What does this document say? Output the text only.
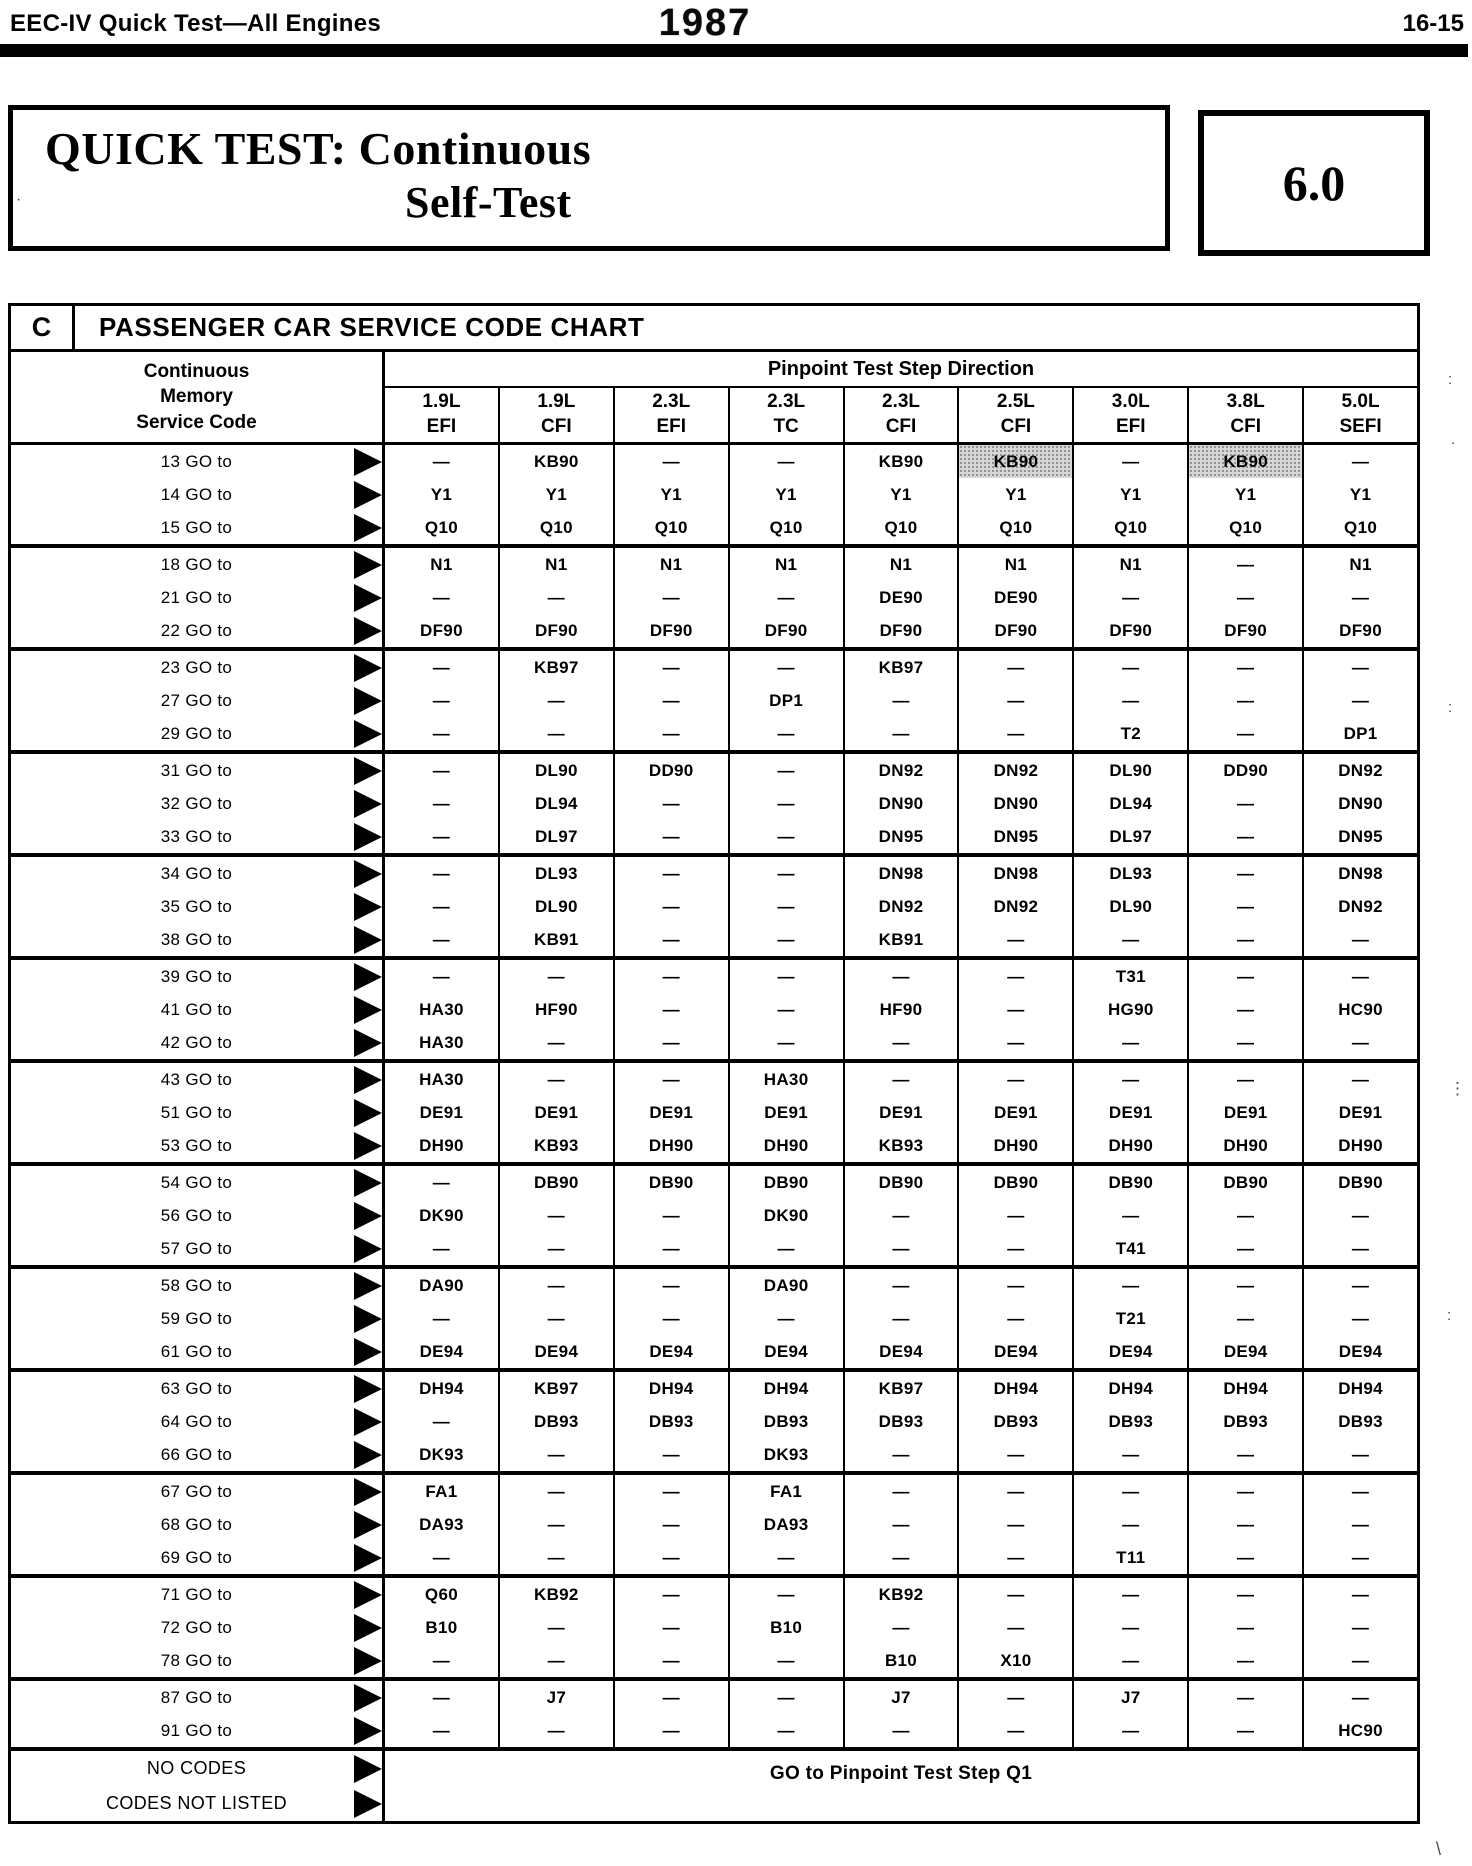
EEC-IV Quick Test—All Engines	1987	16-15
QUICK TEST: Continuous
Self-Test	6.0
C	PASSENGER CAR SERVICE CODE CHART
Continuous
Memory
Service Code
Pinpoint Test Step Direction
1.9L
EFI
1.9L
CFI
2.3L
EFI
2.3L
TC
2.3L
CFI
2.5L
CFI
3.0L
EFI
3.8L
CFI
5.0L
SEFI
13 GO to	—	KB90	—	—	KB90	KB90	—	KB90	—
14 GO to	Y1	Y1	Y1	Y1	Y1	Y1	Y1	Y1	Y1
15 GO to	Q10	Q10	Q10	Q10	Q10	Q10	Q10	Q10	Q10
18 GO to	N1	N1	N1	N1	N1	N1	N1	—	N1
21 GO to	—	—	—	—	DE90	DE90	—	—	—
22 GO to	DF90	DF90	DF90	DF90	DF90	DF90	DF90	DF90	DF90
23 GO to	—	KB97	—	—	KB97	—	—	—	—
27 GO to	—	—	—	DP1	—	—	—	—	—
29 GO to	—	—	—	—	—	—	T2	—	DP1
31 GO to	—	DL90	DD90	—	DN92	DN92	DL90	DD90	DN92
32 GO to	—	DL94	—	—	DN90	DN90	DL94	—	DN90
33 GO to	—	DL97	—	—	DN95	DN95	DL97	—	DN95
34 GO to	—	DL93	—	—	DN98	DN98	DL93	—	DN98
35 GO to	—	DL90	—	—	DN92	DN92	DL90	—	DN92
38 GO to	—	KB91	—	—	KB91	—	—	—	—
39 GO to	—	—	—	—	—	—	T31	—	—
41 GO to	HA30	HF90	—	—	HF90	—	HG90	—	HC90
42 GO to	HA30	—	—	—	—	—	—	—	—
43 GO to	HA30	—	—	HA30	—	—	—	—	—
51 GO to	DE91	DE91	DE91	DE91	DE91	DE91	DE91	DE91	DE91
53 GO to	DH90	KB93	DH90	DH90	KB93	DH90	DH90	DH90	DH90
54 GO to	—	DB90	DB90	DB90	DB90	DB90	DB90	DB90	DB90
56 GO to	DK90	—	—	DK90	—	—	—	—	—
57 GO to	—	—	—	—	—	—	T41	—	—
58 GO to	DA90	—	—	DA90	—	—	—	—	—
59 GO to	—	—	—	—	—	—	T21	—	—
61 GO to	DE94	DE94	DE94	DE94	DE94	DE94	DE94	DE94	DE94
63 GO to	DH94	KB97	DH94	DH94	KB97	DH94	DH94	DH94	DH94
64 GO to	—	DB93	DB93	DB93	DB93	DB93	DB93	DB93	DB93
66 GO to	DK93	—	—	DK93	—	—	—	—	—
67 GO to	FA1	—	—	FA1	—	—	—	—	—
68 GO to	DA93	—	—	DA93	—	—	—	—	—
69 GO to	—	—	—	—	—	—	T11	—	—
71 GO to	Q60	KB92	—	—	KB92	—	—	—	—
72 GO to	B10	—	—	B10	—	—	—	—	—
78 GO to	—	—	—	—	B10	X10	—	—	—
87 GO to	—	J7	—	—	J7	—	J7	—	—
91 GO to	—	—	—	—	—	—	—	—	HC90
NO CODES
CODES NOT LISTED
GO to Pinpoint Test Step Q1
:
.
:
⋮
:
\
·
